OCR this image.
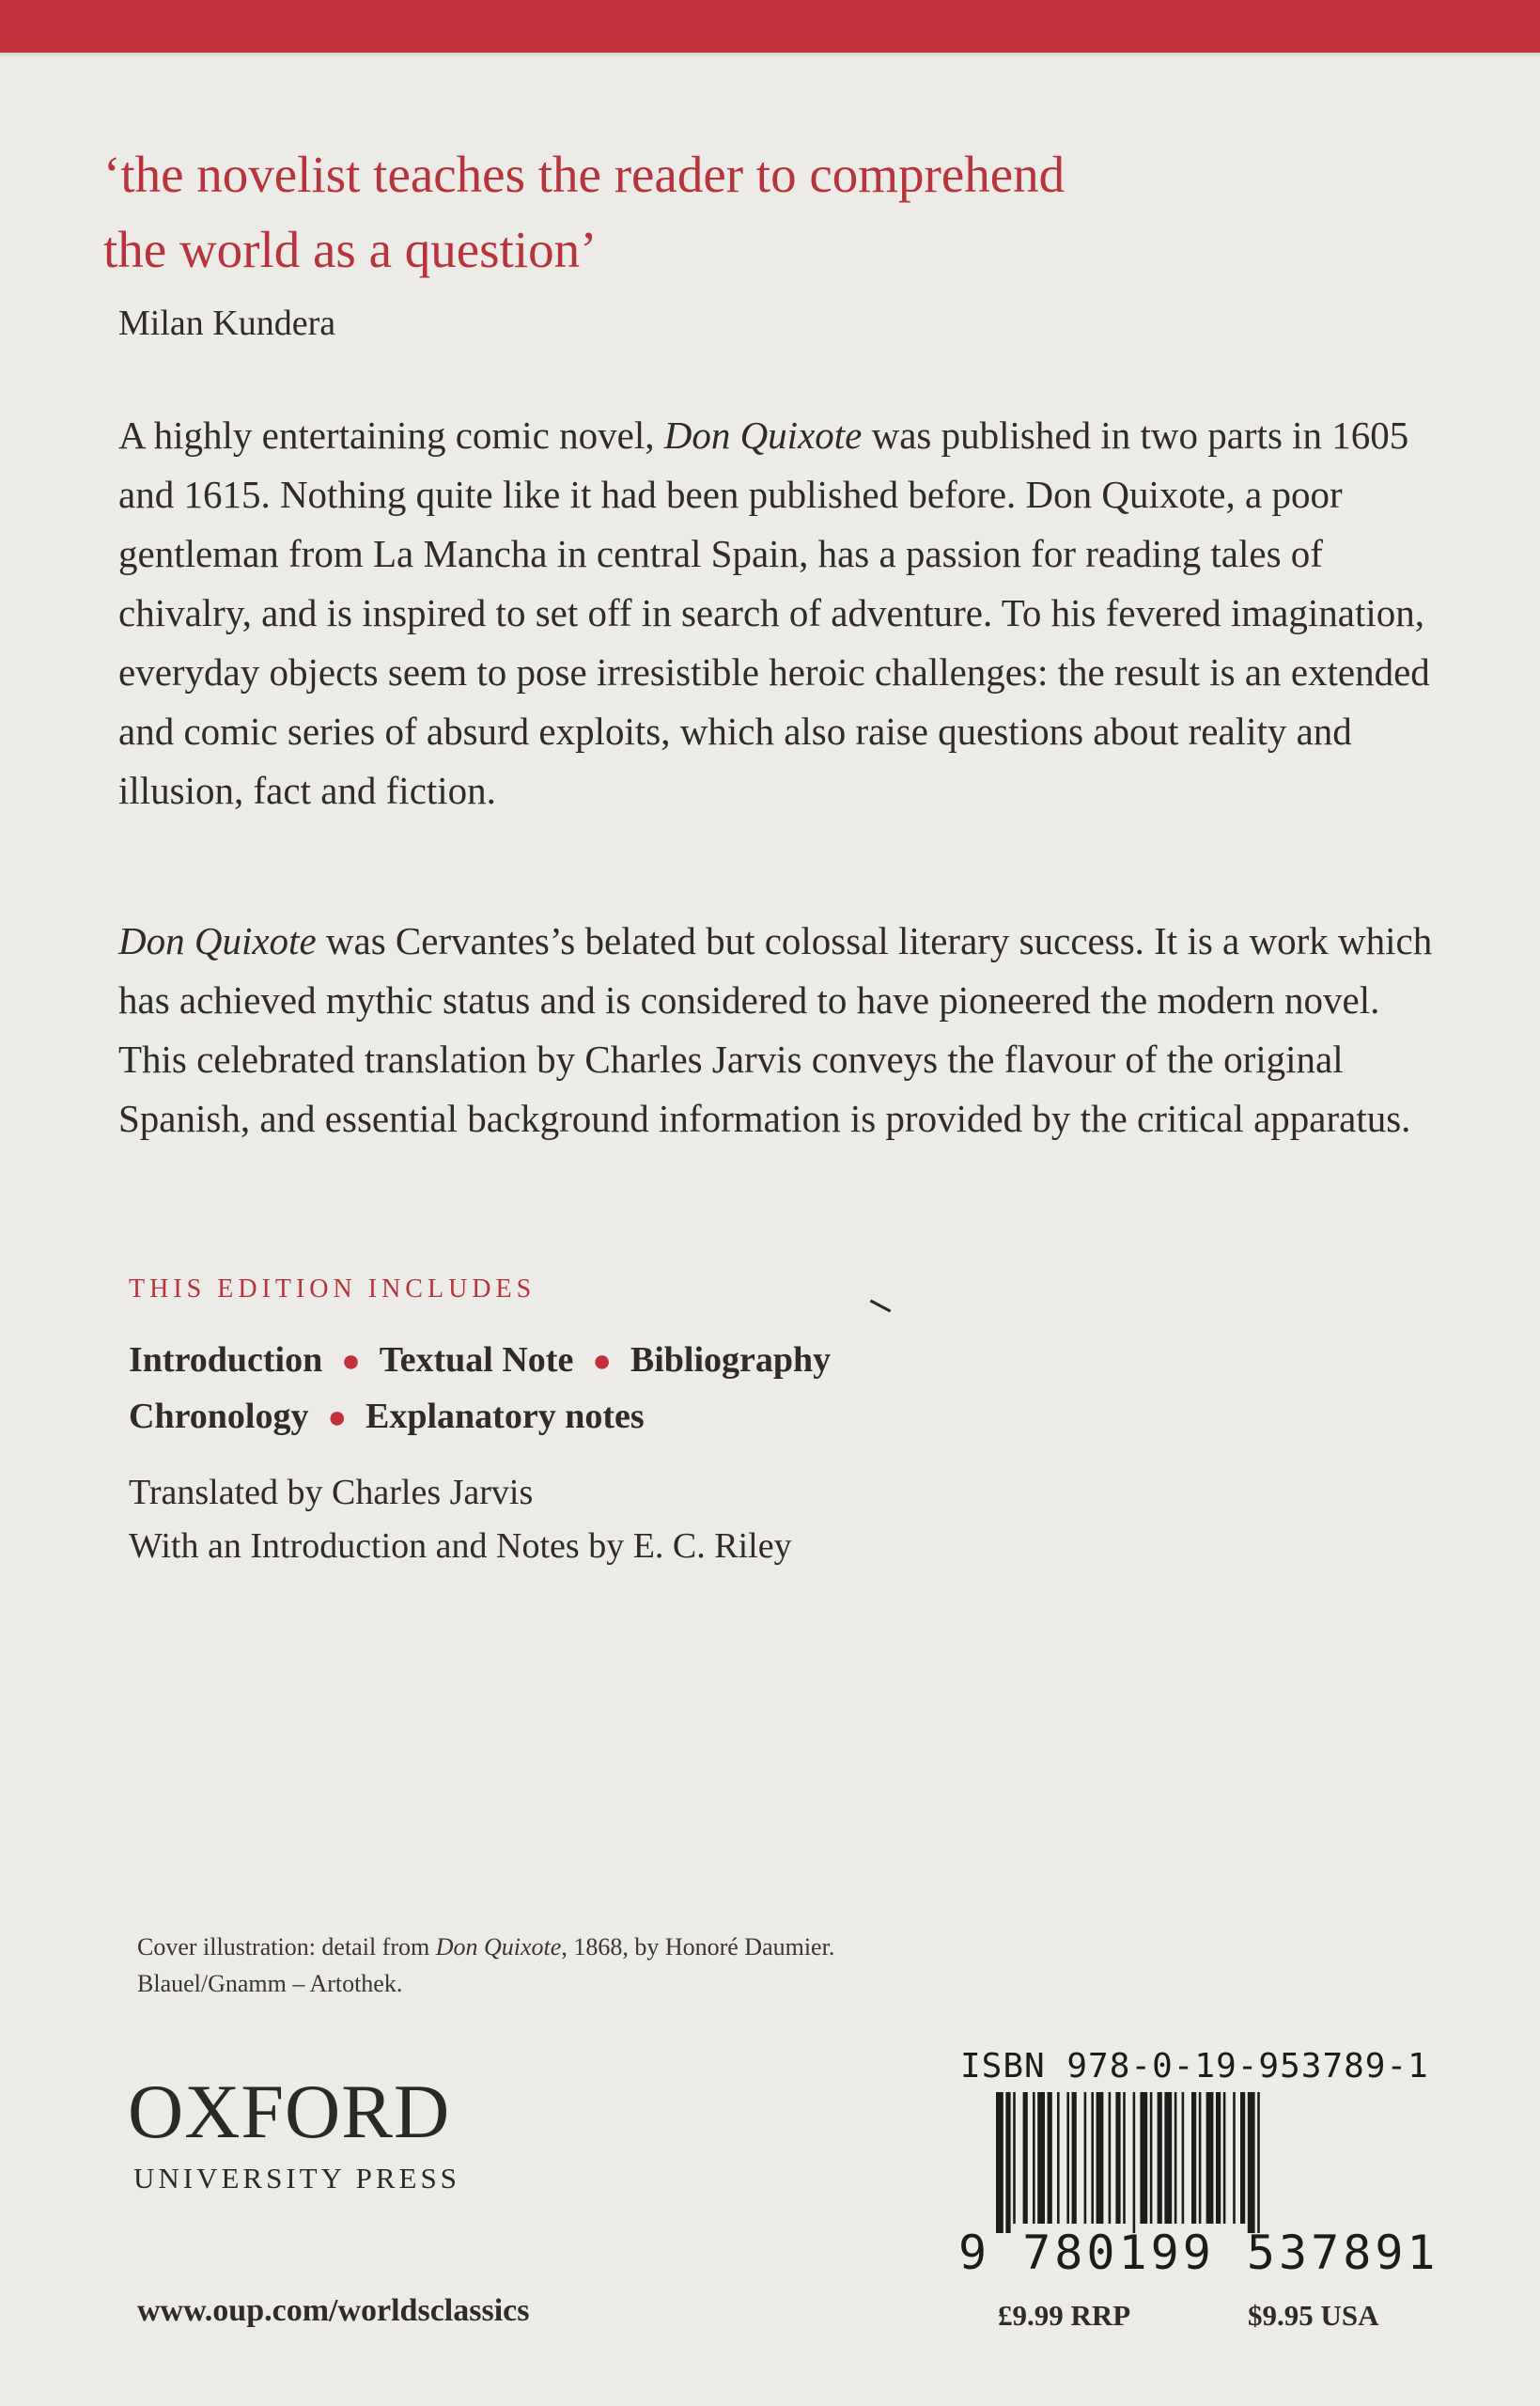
‘the novelist teaches the reader to comprehend
the world as a question’
Milan Kundera

A highly entertaining comic novel, Don Quixote was published in two parts in 1605 and 1615. Nothing quite like it had been published before. Don Quixote, a poor gentleman from La Mancha in central Spain, has a passion for reading tales of chivalry, and is inspired to set off in search of adventure. To his fevered imagination, everyday objects seem to pose irresistible heroic challenges: the result is an extended and comic series of absurd exploits, which also raise questions about reality and illusion, fact and fiction.

Don Quixote was Cervantes’s belated but colossal literary success. It is a work which has achieved mythic status and is considered to have pioneered the modern novel. This celebrated translation by Charles Jarvis conveys the flavour of the original Spanish, and essential background information is provided by the critical apparatus.

THIS EDITION INCLUDES
Introduction ● Textual Note ● Bibliography
Chronology ● Explanatory notes
Translated by Charles Jarvis
With an Introduction and Notes by E. C. Riley
Cover illustration: detail from Don Quixote, 1868, by Honoré Daumier.
Blauel/Gnamm – Artothek.
OXFORD
UNIVERSITY PRESS
www.oup.com/worldsclassics
ISBN 978-0-19-953789-1
9 780199 537891
£9.99 RRP	$9.95 USA
